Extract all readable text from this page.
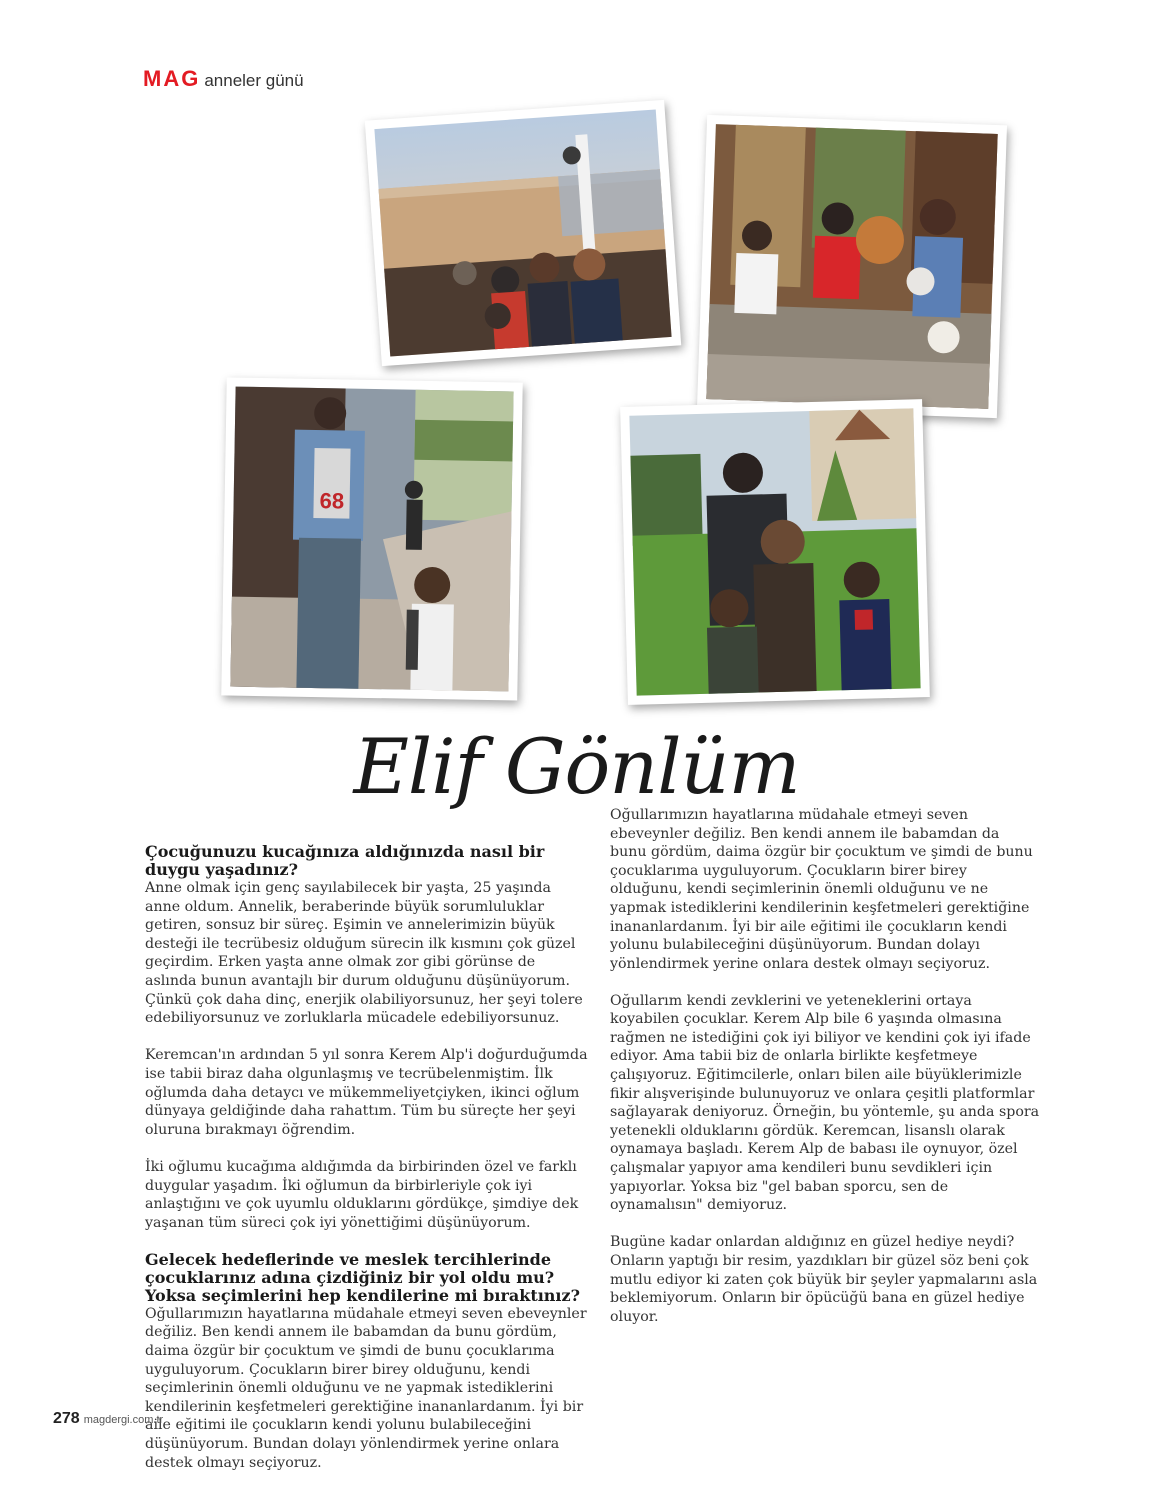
MAG anneler günü
68
Elif Gönlüm
Çocuğunuzu kucağınıza aldığınızda nasıl bir duygu yaşadınız?

Anne olmak için genç sayılabilecek bir yaşta, 25 yaşında anne oldum. Annelik, beraberinde büyük sorumluluklar getiren, sonsuz bir süreç. Eşimin ve annelerimizin büyük desteği ile tecrübesiz olduğum sürecin ilk kısmını çok güzel geçirdim. Erken yaşta anne olmak zor gibi görünse de aslında bunun avantajlı bir durum olduğunu düşünüyorum. Çünkü çok daha dinç, enerjik olabiliyorsunuz, her şeyi tolere edebiliyorsunuz ve zorluklarla mücadele edebiliyorsunuz.

Keremcan'ın ardından 5 yıl sonra Kerem Alp'i doğurduğumda ise tabii biraz daha olgunlaşmış ve tecrübelenmiştim. İlk oğlumda daha detaycı ve mükemmeliyetçiyken, ikinci oğlum dünyaya geldiğinde daha rahattım. Tüm bu süreçte her şeyi oluruna bırakmayı öğrendim.

İki oğlumu kucağıma aldığımda da birbirinden özel ve farklı duygular yaşadım. İki oğlumun da birbirleriyle çok iyi anlaştığını ve çok uyumlu olduklarını gördükçe, şimdiye dek yaşanan tüm süreci çok iyi yönettiğimi düşünüyorum.

Gelecek hedeflerinde ve meslek tercihlerinde çocuklarınız adına çizdiğiniz bir yol oldu mu? Yoksa seçimlerini hep kendilerine mi bıraktınız?
Oğullarımızın hayatlarına müdahale etmeyi seven ebeveynler değiliz. Ben kendi annem ile babamdan da bunu gördüm, daima özgür bir çocuktum ve şimdi de bunu çocuklarıma uyguluyorum. Çocukların birer birey olduğunu, kendi seçimlerinin önemli olduğunu ve ne yapmak istediklerini kendilerinin keşfetmeleri gerektiğine inananlardanım. İyi bir aile eğitimi ile çocukların kendi yolunu bulabileceğini düşünüyorum. Bundan dolayı yönlendirmek yerine onlara destek olmayı seçiyoruz.
Oğullarımızın hayatlarına müdahale etmeyi seven ebeveynler değiliz. Ben kendi annem ile babamdan da bunu gördüm, daima özgür bir çocuktum ve şimdi de bunu çocuklarıma uyguluyorum. Çocukların birer birey olduğunu, kendi seçimlerinin önemli olduğunu ve ne yapmak istediklerini kendilerinin keşfetmeleri gerektiğine inananlardanım. İyi bir aile eğitimi ile çocukların kendi yolunu bulabileceğini düşünüyorum. Bundan dolayı yönlendirmek yerine onlara destek olmayı seçiyoruz.

Oğullarım kendi zevklerini ve yeteneklerini ortaya koyabilen çocuklar. Kerem Alp bile 6 yaşında olmasına rağmen ne istediğini çok iyi biliyor ve kendini çok iyi ifade ediyor. Ama tabii biz de onlarla birlikte keşfetmeye çalışıyoruz. Eğitimcilerle, onları bilen aile büyüklerimizle fikir alışverişinde bulunuyoruz ve onlara çeşitli platformlar sağlayarak deniyoruz. Örneğin, bu yöntemle, şu anda spora yetenekli olduklarını gördük. Keremcan, lisanslı olarak oynamaya başladı. Kerem Alp de babası ile oynuyor, özel çalışmalar yapıyor ama kendileri bunu sevdikleri için yapıyorlar. Yoksa biz "gel baban sporcu, sen de oynamalısın" demiyoruz.

Bugüne kadar onlardan aldığınız en güzel hediye neydi? Onların yaptığı bir resim, yazdıkları bir güzel söz beni çok mutlu ediyor ki zaten çok büyük bir şeyler yapmalarını asla beklemiyorum. Onların bir öpücüğü bana en güzel hediye oluyor.

278 magdergi.com.tr
